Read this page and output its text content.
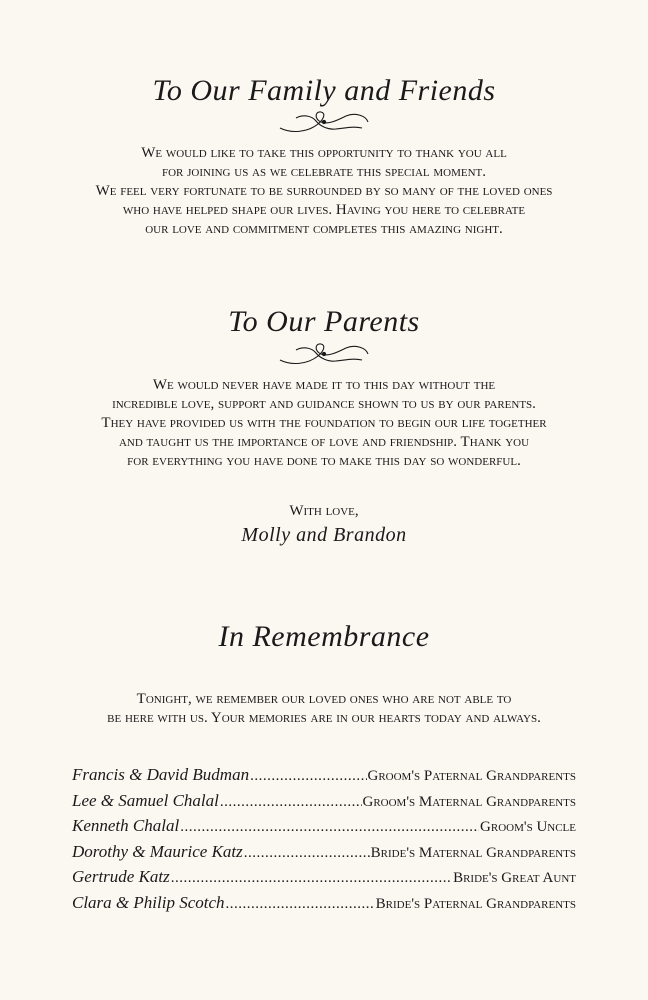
To Our Family and Friends
We would like to take this opportunity to thank you all
for joining us as we celebrate this special moment.
We feel very fortunate to be surrounded by so many of the loved ones
who have helped shape our lives. Having you here to celebrate
our love and commitment completes this amazing night.
To Our Parents
We would never have made it to this day without the
incredible love, support and guidance shown to us by our parents.
They have provided us with the foundation to begin our life together
and taught us the importance of love and friendship. Thank you
for everything you have done to make this day so wonderful.
With love,
Molly and Brandon
In Remembrance
Tonight, we remember our loved ones who are not able to
be here with us. Your memories are in our hearts today and always.
Francis & David Budman .....	Groom's Paternal Grandparents
Lee & Samuel Chalal .....	Groom's Maternal Grandparents
Kenneth Chalal .....	Groom's Uncle
Dorothy & Maurice Katz .....	Bride's Maternal Grandparents
Gertrude Katz .....	Bride's Great Aunt
Clara & Philip Scotch .....	Bride's Paternal Grandparents
